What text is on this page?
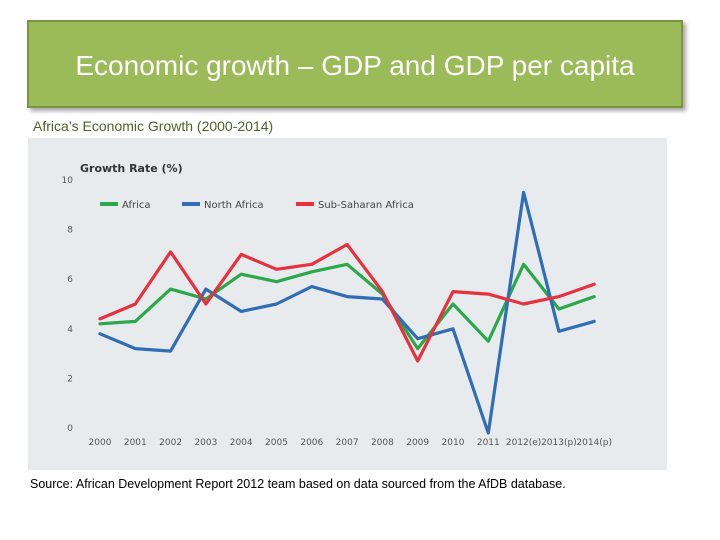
Economic growth – GDP and GDP per capita
Africa’s Economic Growth (2000-2014)
Growth Rate (%)
Africa	North Africa	Sub-Saharan Africa
0
2
4
6
8
10
2000 2001 2002 2003 2004 2005 2006 2007 2008 2009 2010 2011 2012(e) 2013(p) 2014(p)
Source: African Development Report 2012 team based on data sourced from the AfDB database.
